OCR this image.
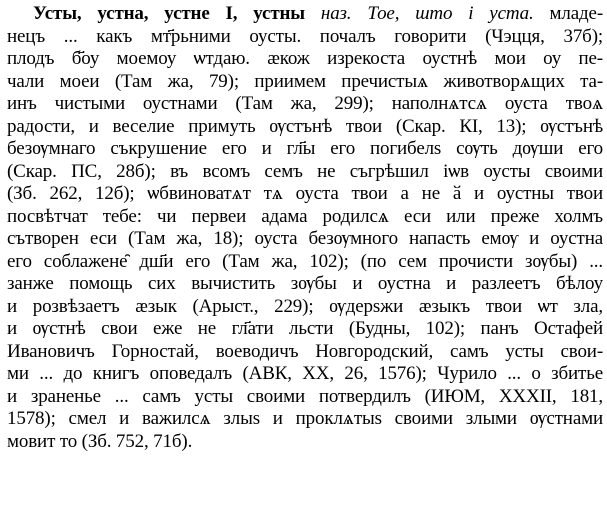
Усты, устна, устне I, устны наз. Тое, што і уста. младе-
нецъ ... какъ мт҃рьними оусты. почалъ говорити (Чэцця, 37б);
плодъ б҃оу моемоу ѡтдаю. ӕкож изрекоста оустнѣ мои оу пе-
чали моеи (Там жа, 79); приимем пречистыѧ животворѧщих та-
инъ чистыми оустнами (Там жа, 299); наполнѧтсѧ оуста твоѧ
радости, и веселие примуть ѹстънѣ твои (Скар. КІ, 13); ѹстънѣ
безѹмнаго съкрушение его и гл҃ы его погибелѕ сѹть дѹши его
(Скар. ПС, 28б); въ всомъ семъ не съгрѣшил іѡв оусты своими
(Зб. 262, 12б); ѡбвиноватѧт тѧ оуста твои а не ӑ и оустны твои
посвѣтчат тебе: чи первеи адама родилсѧ еси или преже холмъ
сътворен еси (Там жа, 18); оуста безѹмного напасть емѹ и оустна
его соблажене̑ дш҃и его (Там жа, 102); (по сем прочисти зѹбы) ...
занже помощь сих вычистить зѹбы и оустна и разлеетъ бѣлоу
и розвѣзаетъ ӕзык (Арыст., 229); ѹдерѕжи ӕзыкъ твои ѡт зла,
и ѹстнѣ свои еже не гл҃ати льсти (Будны, 102); панъ Остафей
Ивановичъ Горностай, воеводичъ Новгородский, самъ усты свои-
ми ... до книгъ оповедалъ (АВК, XX, 26, 1576); Чурило ... о збитье
и зраненье ... самъ усты своими потвердилъ (ИЮМ, XXXII, 181,
1578); смел и важилсѧ злыѕ и проклѧтыѕ своими злыми ѹстнами
мовит то (Зб. 752, 71б).
